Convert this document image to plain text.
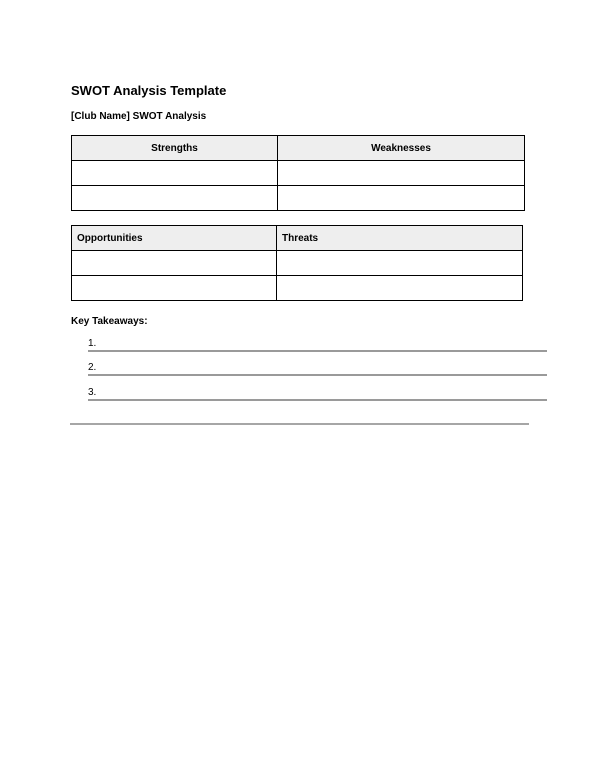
SWOT Analysis Template
[Club Name] SWOT Analysis
Strengths	Weaknesses

Opportunities	Threats

Key Takeaways:
1.
2.
3.
